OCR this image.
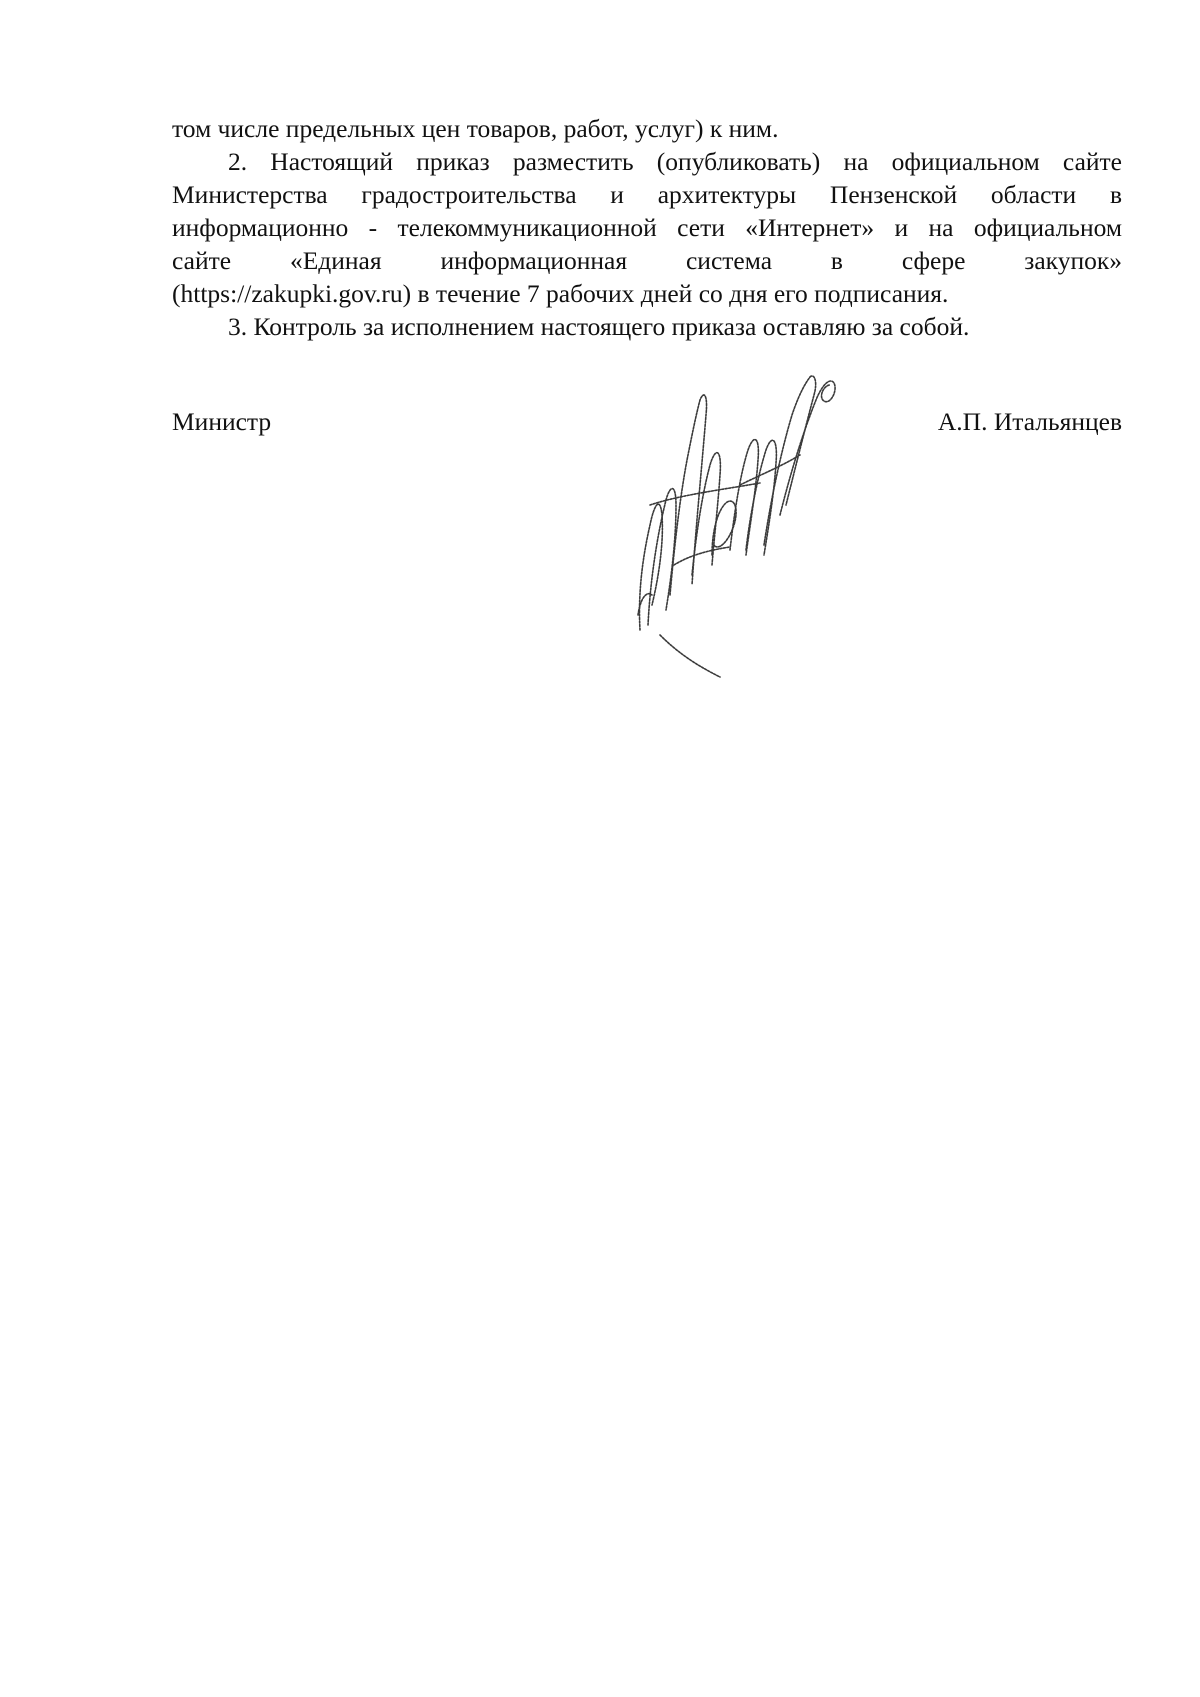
том числе предельных цен товаров, работ, услуг) к ним.
2. Настоящий приказ разместить (опубликовать) на официальном сайте
Министерства градостроительства и архитектуры Пензенской области в
информационно - телекоммуникационной сети «Интернет» и на официальном
сайте «Единая информационная система в сфере закупок»
(https://zakupki.gov.ru) в течение 7 рабочих дней со дня его подписания.
3. Контроль за исполнением настоящего приказа оставляю за собой.
Министр	А.П. Итальянцев
